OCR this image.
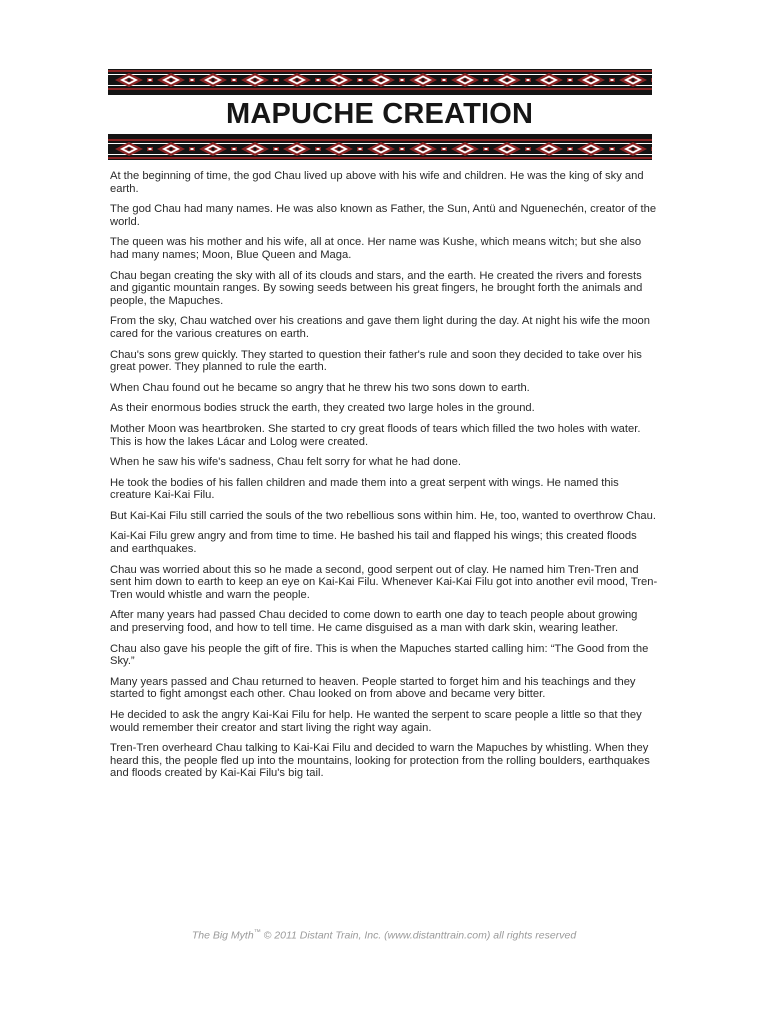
MAPUCHE CREATION

At the beginning of time, the god Chau lived up above with his wife and children. He was the king of sky and earth.

The god Chau had many names. He was also known as Father, the Sun, Antü and Nguenechén, creator of the world.

The queen was his mother and his wife, all at once. Her name was Kushe, which means witch; but she also had many names; Moon, Blue Queen and Maga.

Chau began creating the sky with all of its clouds and stars, and the earth. He created the rivers and forests and gigantic mountain ranges. By sowing seeds between his great fingers, he brought forth the animals and people, the Mapuches.

From the sky, Chau watched over his creations and gave them light during the day. At night his wife the moon cared for the various creatures on earth.

Chau's sons grew quickly. They started to question their father's rule and soon they decided to take over his great power. They planned to rule the earth.

When Chau found out he became so angry that he threw his two sons down to earth.

As their enormous bodies struck the earth, they created two large holes in the ground.

Mother Moon was heartbroken. She started to cry great floods of tears which filled the two holes with water. This is how the lakes Lácar and Lolog were created.

When he saw his wife's sadness, Chau felt sorry for what he had done.

He took the bodies of his fallen children and made them into a great serpent with wings. He named this creature Kai-Kai Filu.

But Kai-Kai Filu still carried the souls of the two rebellious sons within him. He, too, wanted to overthrow Chau.

Kai-Kai Filu grew angry and from time to time. He bashed his tail and flapped his wings; this created floods and earthquakes.

Chau was worried about this so he made a second, good serpent out of clay. He named him Tren-Tren and sent him down to earth to keep an eye on Kai-Kai Filu. Whenever Kai-Kai Filu got into another evil mood, Tren-Tren would whistle and warn the people.

After many years had passed Chau decided to come down to earth one day to teach people about growing and preserving food, and how to tell time. He came disguised as a man with dark skin, wearing leather.

Chau also gave his people the gift of fire. This is when the Mapuches started calling him: “The Good from the Sky.”

Many years passed and Chau returned to heaven. People started to forget him and his teachings and they started to fight amongst each other. Chau looked on from above and became very bitter.

He decided to ask the angry Kai-Kai Filu for help. He wanted the serpent to scare people a little so that they would remember their creator and start living the right way again.

Tren-Tren overheard Chau talking to Kai-Kai Filu and decided to warn the Mapuches by whistling. When they heard this, the people fled up into the mountains, looking for protection from the rolling boulders, earthquakes and floods created by Kai-Kai Filu's big tail.

The Big Myth™ © 2011 Distant Train, Inc. (www.distanttrain.com) all rights reserved
